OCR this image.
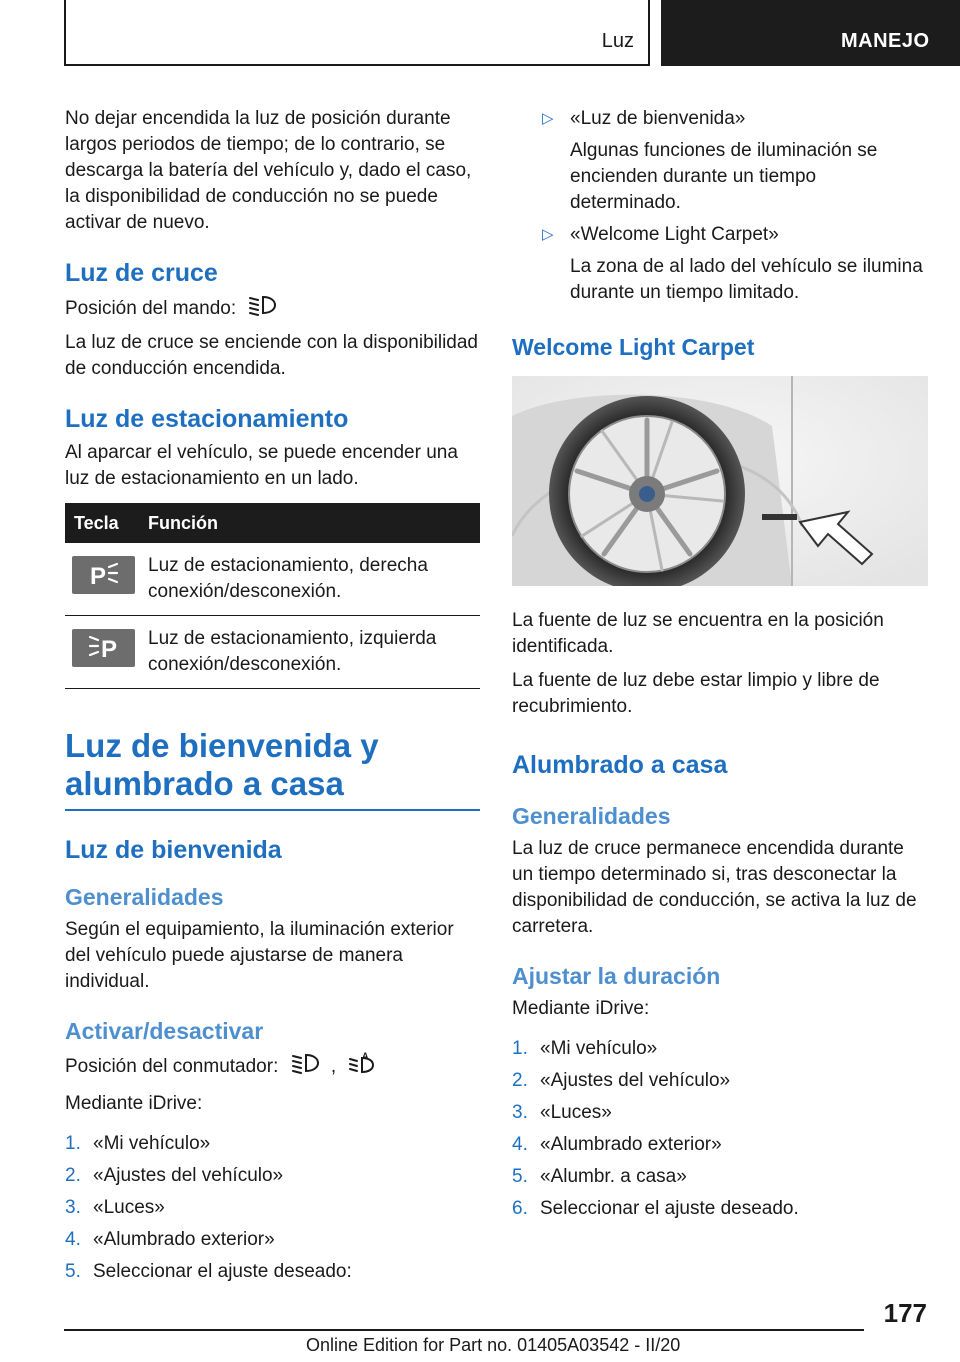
Luz	MANEJO

No dejar encendida la luz de posición durante largos periodos de tiempo; de lo contrario, se descarga la batería del vehículo y, dado el caso, la disponibilidad de conducción no se puede activar de nuevo.

Luz de cruce

Posición del mando:

La luz de cruce se enciende con la disponibilidad de conducción encendida.

Luz de estacionamiento

Al aparcar el vehículo, se puede encender una luz de estacionamiento en un lado.

Tecla	Función
P Luz de estacionamiento, derecha conexión/desconexión.
P Luz de estacionamiento, izquierda conexión/desconexión.
Luz de bienvenida y alumbrado a casa
Luz de bienvenida
Generalidades

Según el equipamiento, la iluminación exterior del vehículo puede ajustarse de manera individual.

Activar/desactivar

Posición del conmutador:	,
A

Mediante iDrive:

1. «Mi vehículo»
2. «Ajustes del vehículo»
3. «Luces»
4. «Alumbrado exterior»
5. Seleccionar el ajuste deseado:
▷ «Luz de bienvenida»
Algunas funciones de iluminación se encienden durante un tiempo determinado.
▷ «Welcome Light Carpet»
La zona de al lado del vehículo se ilumina durante un tiempo limitado.
Welcome Light Carpet

La fuente de luz se encuentra en la posición identificada.

La fuente de luz debe estar limpio y libre de recubrimiento.

Alumbrado a casa
Generalidades

La luz de cruce permanece encendida durante un tiempo determinado si, tras desconectar la disponibilidad de conducción, se activa la luz de carretera.

Ajustar la duración

Mediante iDrive:

1. «Mi vehículo»
2. «Ajustes del vehículo»
3. «Luces»
4. «Alumbrado exterior»
5. «Alumbr. a casa»
6. Seleccionar el ajuste deseado.
177
Online Edition for Part no. 01405A03542 - II/20
